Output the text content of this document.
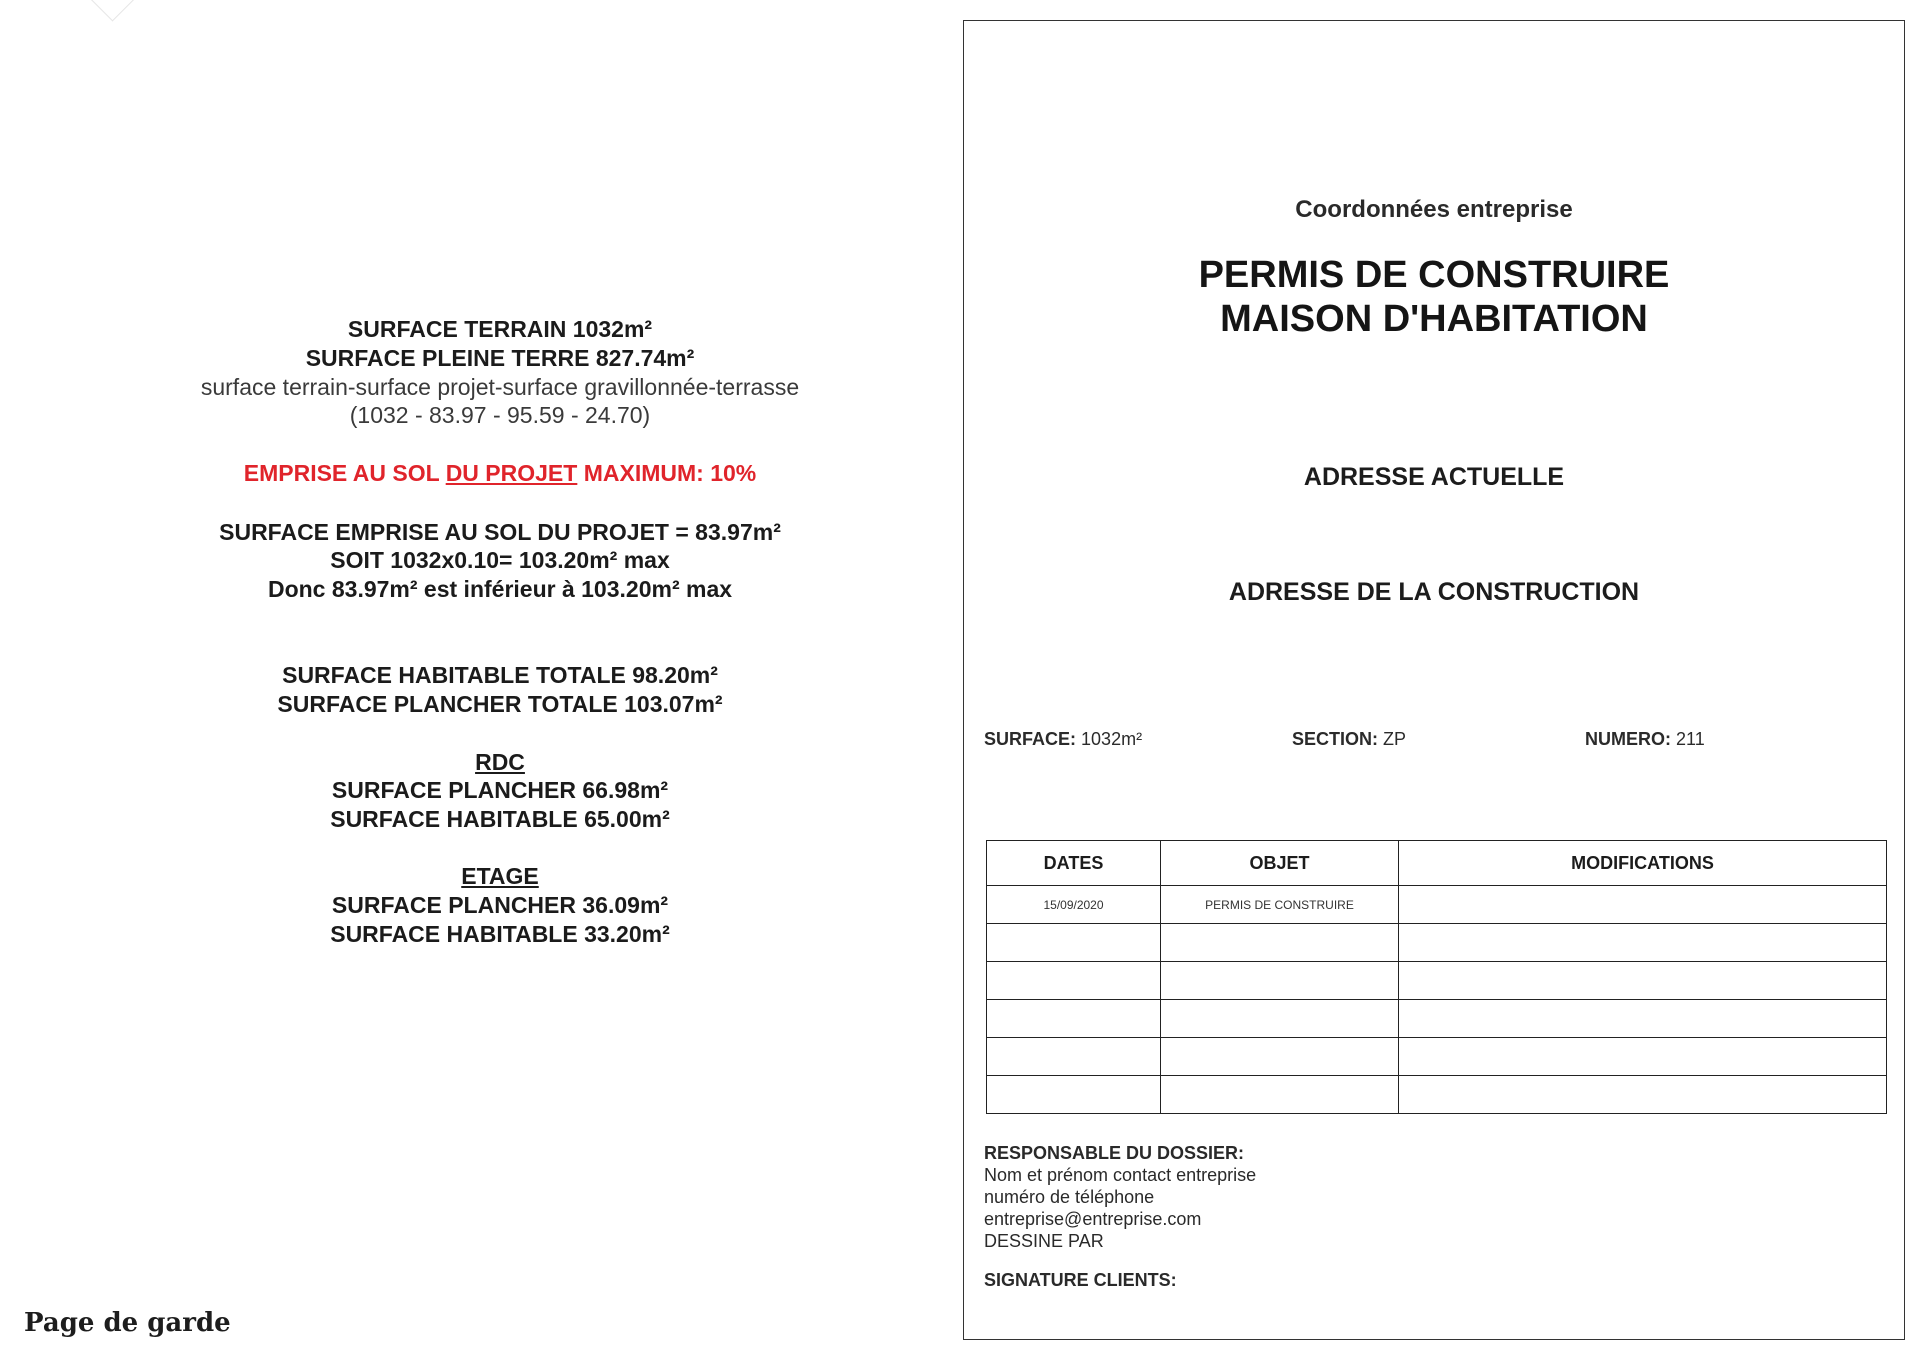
SURFACE TERRAIN 1032m²
SURFACE PLEINE TERRE 827.74m²
surface terrain-surface projet-surface gravillonnée-terrasse
(1032 - 83.97 - 95.59 - 24.70)
EMPRISE AU SOL DU PROJET MAXIMUM: 10%
SURFACE EMPRISE AU SOL DU PROJET = 83.97m²
SOIT 1032x0.10= 103.20m² max
Donc 83.97m² est inférieur à 103.20m² max
SURFACE HABITABLE TOTALE 98.20m²
SURFACE PLANCHER TOTALE 103.07m²
RDC
SURFACE PLANCHER 66.98m²
SURFACE HABITABLE 65.00m²
ETAGE
SURFACE PLANCHER 36.09m²
SURFACE HABITABLE 33.20m²
Page de garde
Coordonnées entreprise
PERMIS DE CONSTRUIRE
MAISON D'HABITATION
ADRESSE ACTUELLE
ADRESSE DE LA CONSTRUCTION
SURFACE: 1032m²	SECTION: ZP	NUMERO: 211
DATES	OBJET	MODIFICATIONS
15/09/2020	PERMIS DE CONSTRUIRE	

RESPONSABLE DU DOSSIER:
Nom et prénom contact entreprise
numéro de téléphone
entreprise@entreprise.com
DESSINE PAR
SIGNATURE CLIENTS:
